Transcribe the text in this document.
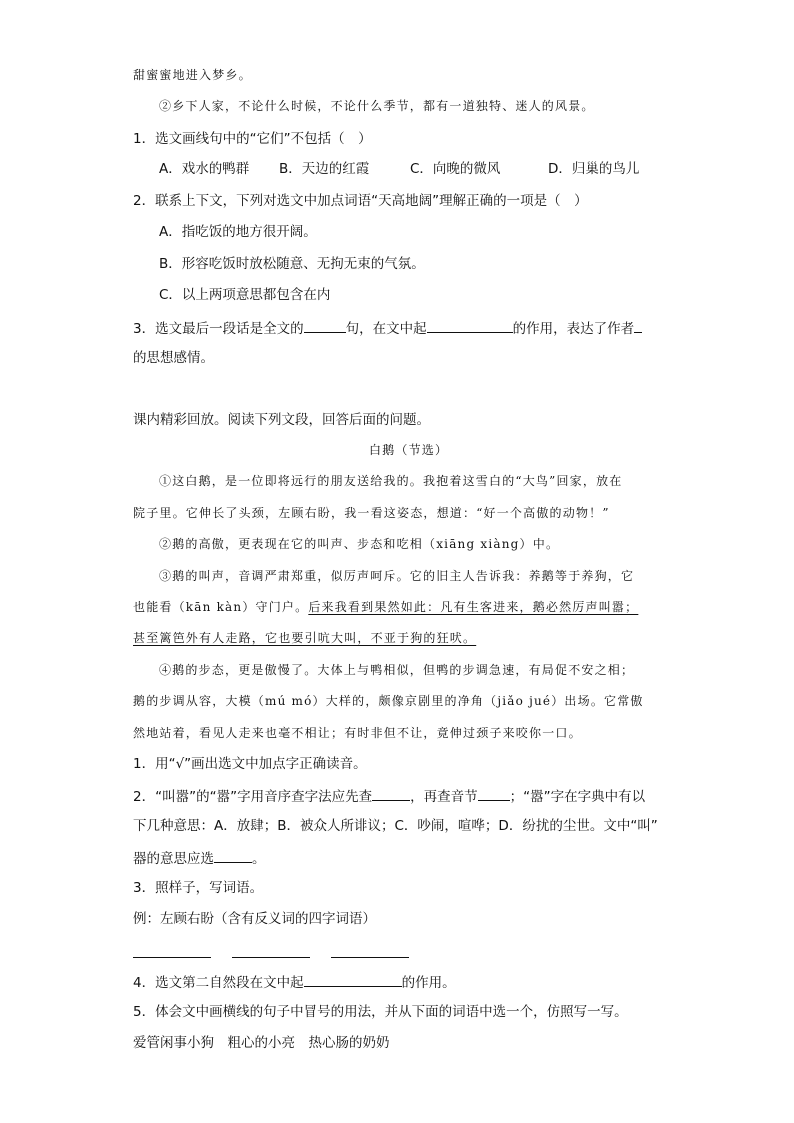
甜蜜蜜地进入梦乡。
②乡下人家，不论什么时候，不论什么季节，都有一道独特、迷人的风景。
1．选文画线句中的“它们”不包括（　）
A．戏水的鸭群 B．天边的红霞	C．向晚的微风	D．归巢的鸟儿
2．联系上下文，下列对选文中加点词语“天高地阔”理解正确的一项是（　）
A．指吃饭的地方很开阔。
B．形容吃饭时放松随意、无拘无束的气氛。
C．以上两项意思都包含在内
3．选文最后一段话是全文的	句，在文中起	的作用，表达了作者
的思想感情。
课内精彩回放。阅读下列文段，回答后面的问题。
白鹅（节选）
①这白鹅，是一位即将远行的朋友送给我的。我抱着这雪白的“大鸟”回家，放在
院子里。它伸长了头颈，左顾右盼，我一看这姿态，想道：“好一个高傲的动物！”
②鹅的高傲，更表现在它的叫声、步态和吃相（xiāng xiàng）中。
③鹅的叫声，音调严肃郑重，似厉声呵斥。它的旧主人告诉我：养鹅等于养狗，它
也能看（kān kàn）守门户。后来我看到果然如此：凡有生客进来，鹅必然厉声叫嚣；
甚至篱笆外有人走路，它也要引吭大叫，不亚于狗的狂吠。
④鹅的步态，更是傲慢了。大体上与鸭相似，但鸭的步调急速，有局促不安之相；
鹅的步调从容，大模（mú mó）大样的，颇像京剧里的净角（jiǎo jué）出场。它常傲
然地站着，看见人走来也毫不相让；有时非但不让，竟伸过颈子来咬你一口。
1．用“√”画出选文中加点字正确读音。
2．“叫嚣”的“嚣”字用音序查字法应先查	，再查音节 ；“嚣”字在字典中有以
下几种意思：A．放肆；B．被众人所诽议；C．吵闹，喧哗；D．纷扰的尘世。文中“叫”
器的意思应选	。
3．照样子，写词语。
例：左顾右盼（含有反义词的四字词语）
4．选文第二自然段在文中起	的作用。
5．体会文中画横线的句子中冒号的用法，并从下面的词语中选一个，仿照写一写。
爱管闲事小狗　粗心的小亮　热心肠的奶奶
